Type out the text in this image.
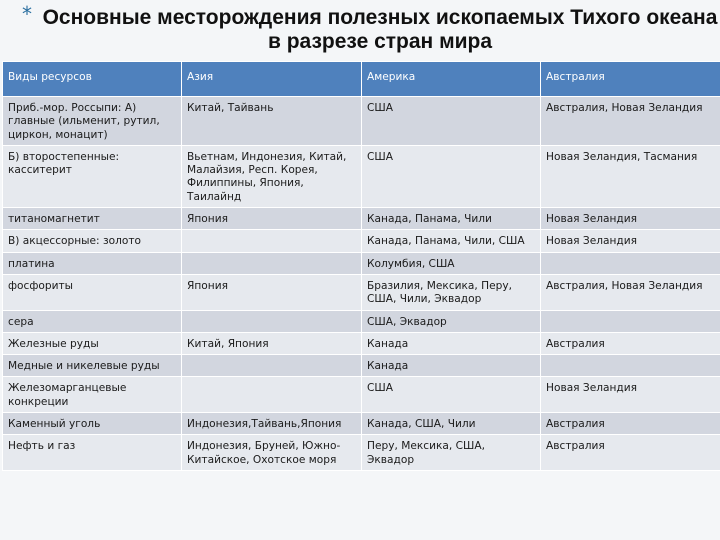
* Основные месторождения полезных ископаемых Тихого океана в разрезе стран мира
Виды ресурсов	Азия	Америка	Австралия
Приб.-мор. Россыпи: А) главные (ильменит, рутил, циркон, монацит)	Китай, Тайвань	США	Австралия, Новая Зеландия
Б) второстепенные: касситерит	Вьетнам, Индонезия, Китай, Малайзия, Респ. Корея, Филиппины, Япония, Таилайнд	США	Новая Зеландия, Тасмания
титаномагнетит	Япония	Канада, Панама, Чили	Новая Зеландия
В) акцессорные: золото		Канада, Панама, Чили, США	Новая Зеландия
платина		Колумбия, США	
фосфориты	Япония	Бразилия, Мексика, Перу, США, Чили, Эквадор	Австралия, Новая Зеландия
сера		США, Эквадор	
Железные руды	Китай, Япония	Канада	Австралия
Медные и никелевые руды		Канада	
Железомарганцевые конкреции		США	Новая Зеландия
Каменный уголь	Индонезия,Тайвань,Япония	Канада, США, Чили	Австралия
Нефть и газ	Индонезия, Бруней, Южно-Китайское, Охотское моря	Перу, Мексика, США, Эквадор	Австралия
